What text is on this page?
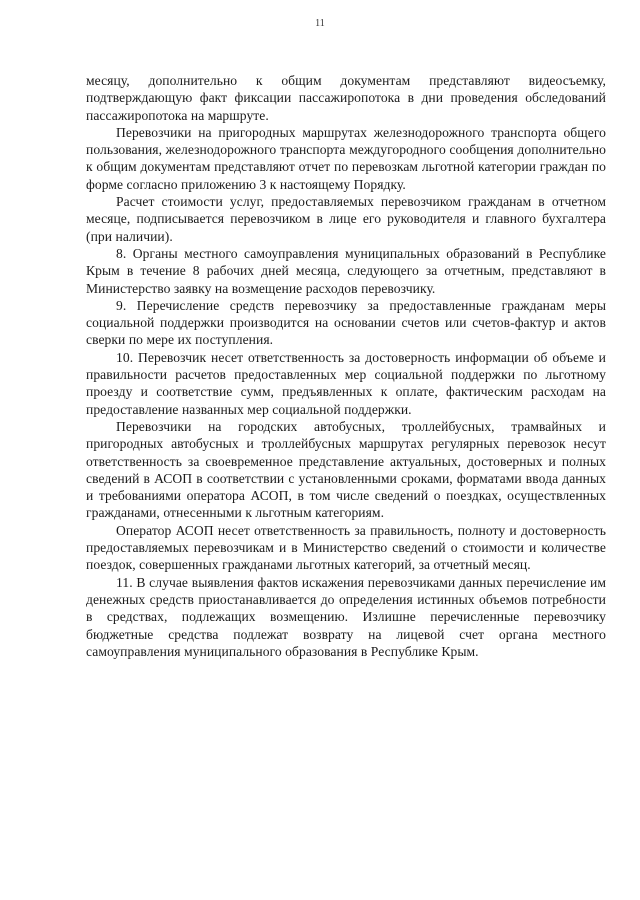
11

месяцу, дополнительно к общим документам представляют видеосъемку, подтверждающую факт фиксации пассажиропотока в дни проведения обследований пассажиропотока на маршруте.

Перевозчики на пригородных маршрутах железнодорожного транспорта общего пользования, железнодорожного транспорта междугородного сообщения дополнительно к общим документам представляют отчет по перевозкам льготной категории граждан по форме согласно приложению 3 к настоящему Порядку.

Расчет стоимости услуг, предоставляемых перевозчиком гражданам в отчетном месяце, подписывается перевозчиком в лице его руководителя и главного бухгалтера (при наличии).

8. Органы местного самоуправления муниципальных образований в Республике Крым в течение 8 рабочих дней месяца, следующего за отчетным, представляют в Министерство заявку на возмещение расходов перевозчику.

9. Перечисление средств перевозчику за предоставленные гражданам меры социальной поддержки производится на основании счетов или счетов-фактур и актов сверки по мере их поступления.

10. Перевозчик несет ответственность за достоверность информации об объеме и правильности расчетов предоставленных мер социальной поддержки по льготному проезду и соответствие сумм, предъявленных к оплате, фактическим расходам на предоставление названных мер социальной поддержки.

Перевозчики на городских автобусных, троллейбусных, трамвайных и пригородных автобусных и троллейбусных маршрутах регулярных перевозок несут ответственность за своевременное представление актуальных, достоверных и полных сведений в АСОП в соответствии с установленными сроками, форматами ввода данных и требованиями оператора АСОП, в том числе сведений о поездках, осуществленных гражданами, отнесенными к льготным категориям.

Оператор АСОП несет ответственность за правильность, полноту и достоверность предоставляемых перевозчикам и в Министерство сведений о стоимости и количестве поездок, совершенных гражданами льготных категорий, за отчетный месяц.

11. В случае выявления фактов искажения перевозчиками данных перечисление им денежных средств приостанавливается до определения истинных объемов потребности в средствах, подлежащих возмещению. Излишне перечисленные перевозчику бюджетные средства подлежат возврату на лицевой счет органа местного самоуправления муниципального образования в Республике Крым.
